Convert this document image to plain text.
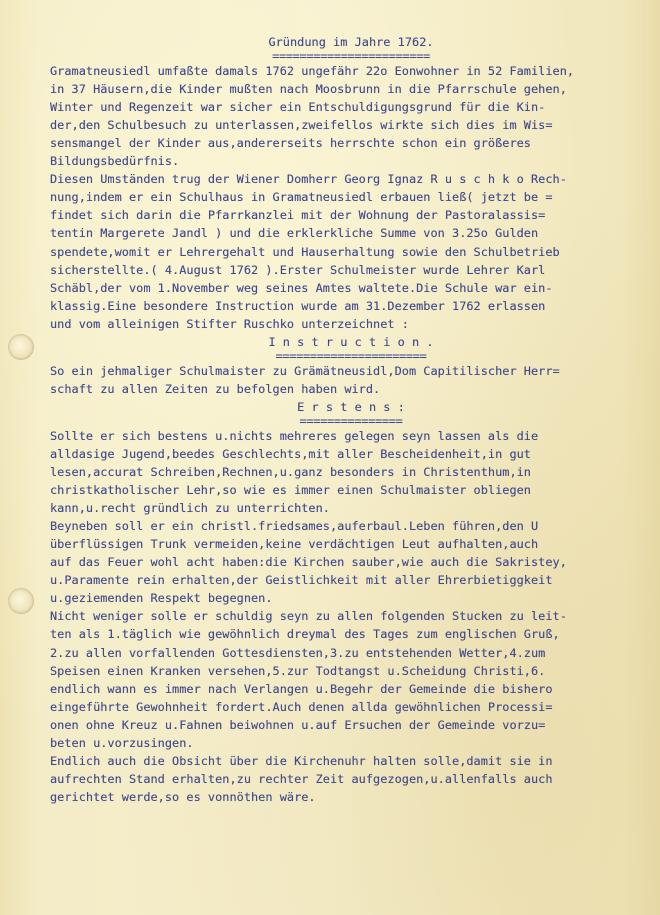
Gründung im Jahre 1762.
=======================
Gramatneusiedl umfaßte damals 1762 ungefähr 22o Eonwohner in 52 Familien,
in 37 Häusern,die Kinder mußten nach Moosbrunn in die Pfarrschule gehen,
Winter und Regenzeit war sicher ein Entschuldigungsgrund für die Kin-
der,den Schulbesuch zu unterlassen,zweifellos wirkte sich dies im Wis=
sensmangel der Kinder aus,andererseits herrschte schon ein größeres
Bildungsbedürfnis.
Diesen Umständen trug der Wiener Domherr Georg Ignaz R u s c h k o Rech-
nung,indem er ein Schulhaus in Gramatneusiedl erbauen ließ( jetzt be =
findet sich darin die Pfarrkanzlei mit der Wohnung der Pastoralassis=
tentin Margerete Jandl ) und die erklerkliche Summe von 3.25o Gulden
spendete,womit er Lehrergehalt und Hauserhaltung sowie den Schulbetrieb
sicherstellte.( 4.August 1762 ).Erster Schulmeister wurde Lehrer Karl
Schäbl,der vom 1.November weg seines Amtes waltete.Die Schule war ein-
klassig.Eine besondere Instruction wurde am 31.Dezember 1762 erlassen
und vom alleinigen Stifter Ruschko unterzeichnet :
I n s t r u c t i o n .
======================
So ein jehmaliger Schulmaister zu Grämätneusidl,Dom Capitilischer Herr=
schaft zu allen Zeiten zu befolgen haben wird.
E r s t e n s :
===============
Sollte er sich bestens u.nichts mehreres gelegen seyn lassen als die
alldasige Jugend,beedes Geschlechts,mit aller Bescheidenheit,in gut
lesen,accurat Schreiben,Rechnen,u.ganz besonders in Christenthum,in
christkatholischer Lehr,so wie es immer einen Schulmaister obliegen
kann,u.recht gründlich zu unterrichten.
Beyneben soll er ein christl.friedsames,auferbaul.Leben führen,den U
überflüssigen Trunk vermeiden,keine verdächtigen Leut aufhalten,auch
auf das Feuer wohl acht haben:die Kirchen sauber,wie auch die Sakristey,
u.Paramente rein erhalten,der Geistlichkeit mit aller Ehrerbietiggkeit
u.geziemenden Respekt begegnen.
Nicht weniger solle er schuldig seyn zu allen folgenden Stucken zu leit-
ten als 1.täglich wie gewöhnlich dreymal des Tages zum englischen Gruß,
2.zu allen vorfallenden Gottesdiensten,3.zu entstehenden Wetter,4.zum
Speisen einen Kranken versehen,5.zur Todtangst u.Scheidung Christi,6.
endlich wann es immer nach Verlangen u.Begehr der Gemeinde die bishero
eingeführte Gewohnheit fordert.Auch denen allda gewöhnlichen Processi=
onen ohne Kreuz u.Fahnen beiwohnen u.auf Ersuchen der Gemeinde vorzu=
beten u.vorzusingen.
Endlich auch die Obsicht über die Kirchenuhr halten solle,damit sie in
aufrechten Stand erhalten,zu rechter Zeit aufgezogen,u.allenfalls auch
gerichtet werde,so es vonnöthen wäre.
